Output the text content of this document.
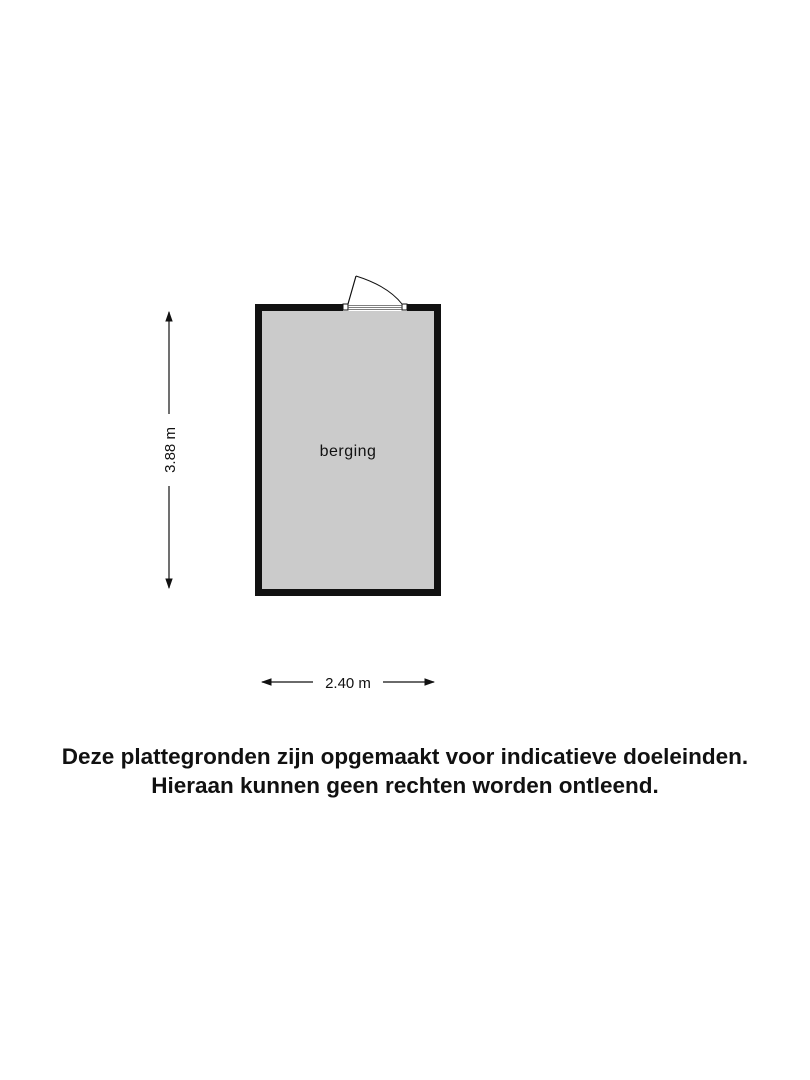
berging
3.88 m
2.40 m
Deze plattegronden zijn opgemaakt voor indicatieve doeleinden.
Hieraan kunnen geen rechten worden ontleend.
